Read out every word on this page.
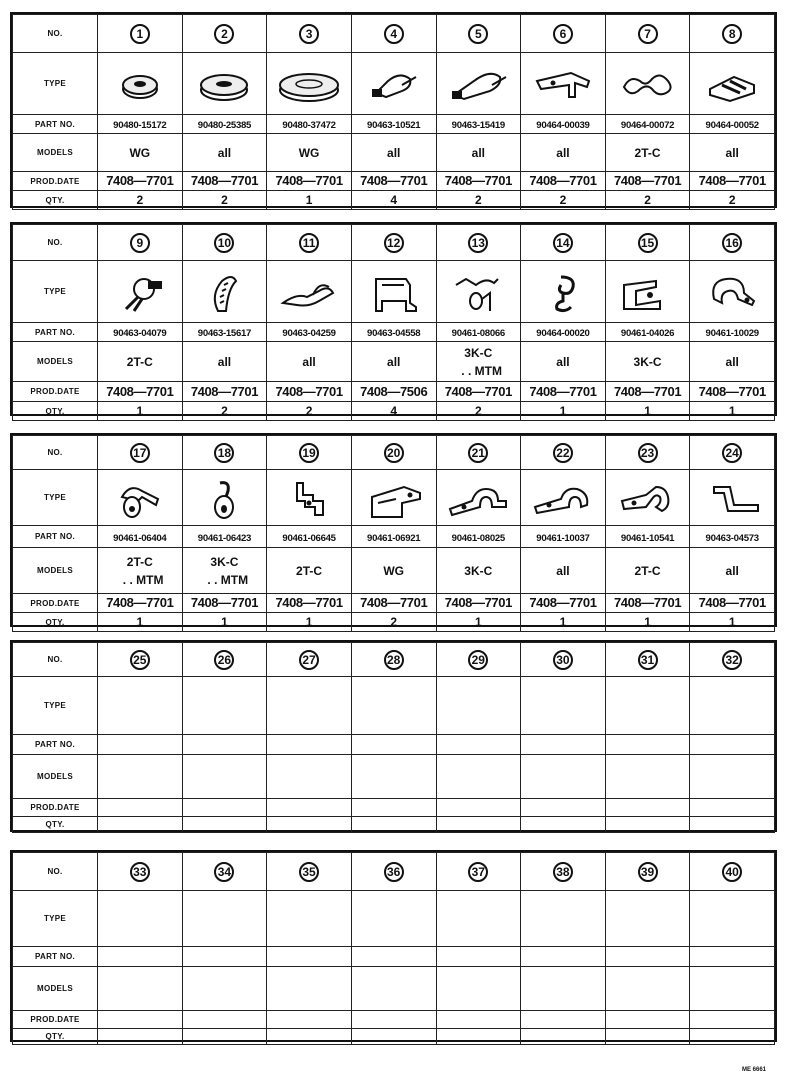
NO.	1	2	3	4	5	6	7	8
TYPE	

PART NO.	90480-15172	90480-25385	90480-37472	90463-10521	90463-15419	90464-00039	90464-00072	90464-00052
MODELS	WG	all	WG	all	all	all	2T-C	all
PROD.DATE	7408—7701	7408—7701	7408—7701	7408—7701	7408—7701	7408—7701	7408—7701	7408—7701
QTY.	2	2	1	4	2	2	2	2
NO.	9	10	11	12	13	14	15	16
TYPE	

PART NO.	90463-04079	90463-15617	90463-04259	90463-04558	90461-08066	90464-00020	90461-04026	90461-10029
MODELS	2T-C	all	all	all	3K-C
. . MTM	all	3K-C	all
PROD.DATE	7408—7701	7408—7701	7408—7701	7408—7506	7408—7701	7408—7701	7408—7701	7408—7701
QTY.	1	2	2	4	2	1	1	1
NO.	17	18	19	20	21	22	23	24
TYPE	

PART NO.	90461-06404	90461-06423	90461-06645	90461-06921	90461-08025	90461-10037	90461-10541	90463-04573
MODELS	2T-C
. . MTM	3K-C
. . MTM	2T-C	WG	3K-C	all	2T-C	all
PROD.DATE	7408—7701	7408—7701	7408—7701	7408—7701	7408—7701	7408—7701	7408—7701	7408—7701
QTY.	1	1	1	2	1	1	1	1
NO.	25	26	27	28	29	30	31	32
TYPE								
PART NO.								
MODELS								
PROD.DATE								
QTY.								
NO.	33	34	35	36	37	38	39	40
TYPE								
PART NO.								
MODELS								
PROD.DATE								
QTY.								
ME 6661
